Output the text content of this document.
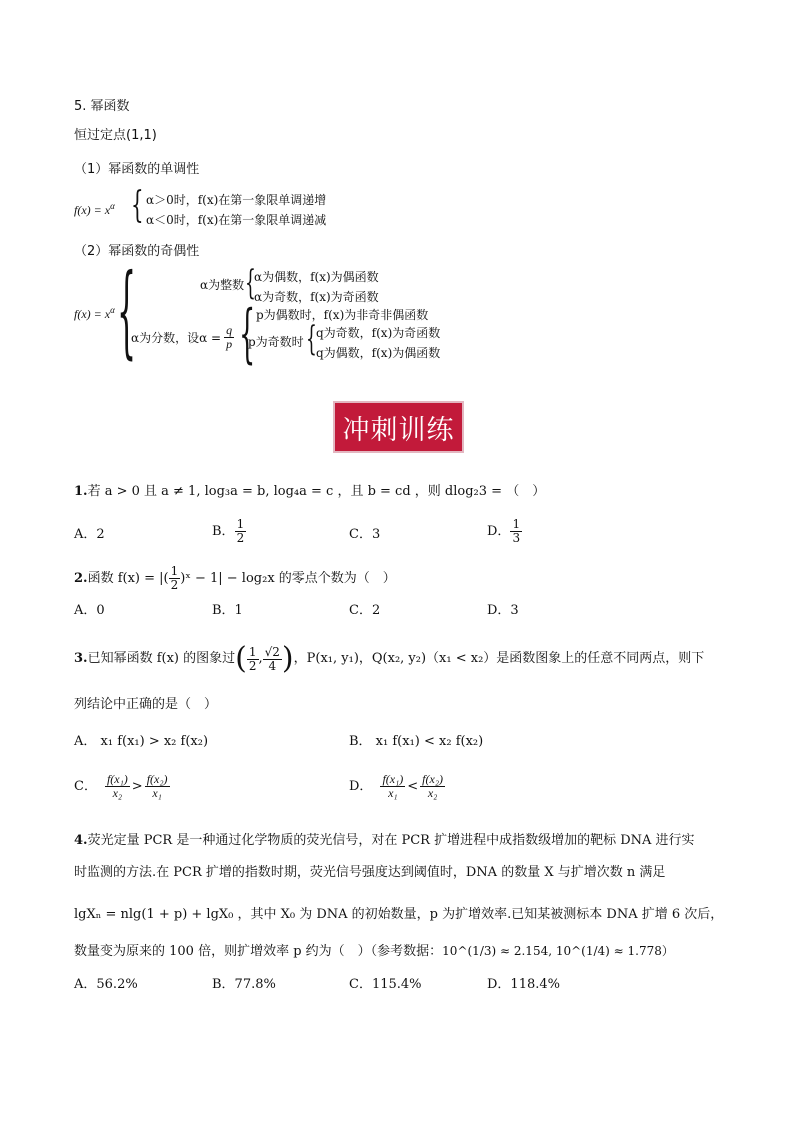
5. 幂函数
恒过定点(1,1)
（1）幂函数的单调性
$f(x) = x^\alpha$ { α＞0时，f(x)在第一象限单调递增
α＜0时，f(x)在第一象限单调递减
（2）幂函数的奇偶性
$f(x) = x^\alpha$ {	α为整数 {
α为偶数，f(x)为偶函数
α为奇数，f(x)为奇函数
α为分数，设$\alpha = \frac{q}{p}$ { p为偶数时，f(x)为非奇非偶函数
p为奇数时 { q为奇数，f(x)为奇函数
q为偶数，f(x)为偶函数
冲刺训练
1.若 a > 0 且 a ≠ 1, log₃a = b, log₄a = c ，且 b = cd ，则 dlog₂3 = （　）
A．2	B． $\frac{1}{2}$	C．3	D． $\frac{1}{3}$
2. 函数 f(x) = |( $\frac{1}{2}$ )ˣ − 1| − log₂x 的零点个数为（　）
A．0	B．1	C．2	D．3
3. 已知幂函数 f(x) 的图象过 ( $\frac{1}{2}$ , $\frac{√2}{4}$ ) ，P(x₁, y₁)，Q(x₂, y₂)（x₁ < x₂）是函数图象上的任意不同两点，则下
列结论中正确的是（　）
A． x₁ f(x₁) > x₂ f(x₂)	B． x₁ f(x₁) < x₂ f(x₂)
C． $\frac{\text{f(x₁)}}{\text{x₂}} > \frac{\text{f(x₂)}}{\text{x₁}}$	D． $\frac{\text{f(x₁)}}{\text{x₁}} < \frac{\text{f(x₂)}}{\text{x₂}}$
4.荧光定量 PCR 是一种通过化学物质的荧光信号，对在 PCR 扩增进程中成指数级增加的靶标 DNA 进行实
时监测的方法.在 PCR 扩增的指数时期，荧光信号强度达到阈值时，DNA 的数量 X 与扩增次数 n 满足
lgXₙ = nlg(1 + p) + lgX₀ ，其中 X₀ 为 DNA 的初始数量，p 为扩增效率.已知某被测标本 DNA 扩增 6 次后，
数量变为原来的 100 倍，则扩增效率 p 约为（　）（参考数据：10^(1/3) ≈ 2.154, 10^(1/4) ≈ 1.778）
A．56.2%	B．77.8%	C．115.4%	D．118.4%
